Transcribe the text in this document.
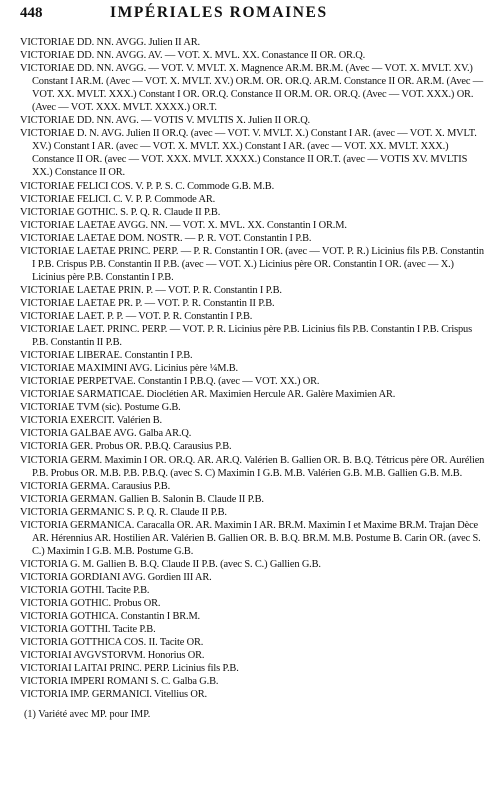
448	IMPÉRIALES ROMAINES
VICTORIAE DD. NN. AVGG. Julien II AR.
VICTORIAE DD. NN. AVGG. AV. — VOT. X. MVL. XX. Conastance II OR. OR.Q.
VICTORIAE DD. NN. AVGG. — VOT. V. MVLT. X. Magnence AR.M. BR.M. (Avec — VOT. X. MVLT. XV.) Constant I AR.M. (Avec — VOT. X. MVLT. XV.) OR.M. OR. OR.Q. AR.M. Constance II OR. AR.M. (Avec — VOT. XX. MVLT. XXX.) Constant I OR. OR.Q. Constance II OR.M. OR. OR.Q. (Avec — VOT. XXX.) OR. (Avec — VOT. XXX. MVLT. XXXX.) OR.T.
VICTORIAE DD. NN. AVG. — VOTIS V. MVLTIS X. Julien II OR.Q.
VICTORIAE D. N. AVG. Julien II OR.Q. (avec — VOT. V. MVLT. X.) Constant I AR. (avec — VOT. X. MVLT. XV.) Constant I AR. (avec — VOT. X. MVLT. XX.) Constant I AR. (avec — VOT. XX. MVLT. XXX.) Constance II OR. (avec — VOT. XXX. MVLT. XXXX.) Constance II OR.T. (avec — VOTIS XV. MVLTIS XX.) Constance II OR.
VICTORIAE FELICI COS. V. P. P. S. C. Commode G.B. M.B.
VICTORIAE FELICI. C. V. P. P. Commode AR.
VICTORIAE GOTHIC. S. P. Q. R. Claude II P.B.
VICTORIAE LAETAE AVGG. NN. — VOT. X. MVL. XX. Constantin I OR.M.
VICTORIAE LAETAE DOM. NOSTR. — P. R. VOT. Constantin I P.B.
VICTORIAE LAETAE PRINC. PERP. — P. R. Constantin I OR. (avec — VOT. P. R.) Licinius fils P.B. Constantin I P.B. Crispus P.B. Constantin II P.B. (avec — VOT. X.) Licinius père OR. Constantin I OR. (avec — X.) Licinius père P.B. Constantin I P.B.
VICTORIAE LAETAE PRIN. P. — VOT. P. R. Constantin I P.B.
VICTORIAE LAETAE PR. P. — VOT. P. R. Constantin II P.B.
VICTORIAE LAET. P. P. — VOT. P. R. Constantin I P.B.
VICTORIAE LAET. PRINC. PERP. — VOT. P. R. Licinius père P.B. Licinius fils P.B. Constantin I P.B. Crispus P.B. Constantin II P.B.
VICTORIAE LIBERAE. Constantin I P.B.
VICTORIAE MAXIMINI AVG. Licinius père ¼M.B.
VICTORIAE PERPETVAE. Constantin I P.B.Q. (avec — VOT. XX.) OR.
VICTORIAE SARMATICAE. Dioclétien AR. Maximien Hercule AR. Galère Maximien AR.
VICTORIAE TVM (sic). Postume G.B.
VICTORIA EXERCIT. Valérien B.
VICTORIA GALBAE AVG. Galba AR.Q.
VICTORIA GER. Probus OR. P.B.Q. Carausius P.B.
VICTORIA GERM. Maximin I OR. OR.Q. AR. AR.Q. Valérien B. Gallien OR. B. B.Q. Tétricus père OR. Aurélien P.B. Probus OR. M.B. P.B. P.B.Q. (avec S. C) Maximin I G.B. M.B. Valérien G.B. M.B. Gallien G.B. M.B.
VICTORIA GERMA. Carausius P.B.
VICTORIA GERMAN. Gallien B. Salonin B. Claude II P.B.
VICTORIA GERMANIC S. P. Q. R. Claude II P.B.
VICTORIA GERMANICA. Caracalla OR. AR. Maximin I AR. BR.M. Maximin I et Maxime BR.M. Trajan Dèce AR. Hérennius AR. Hostilien AR. Valérien B. Gallien OR. B. B.Q. BR.M. M.B. Postume B. Carin OR. (avec S. C.) Maximin I G.B. M.B. Postume G.B.
VICTORIA G. M. Gallien B. B.Q. Claude II P.B. (avec S. C.) Gallien G.B.
VICTORIA GORDIANI AVG. Gordien III AR.
VICTORIA GOTHI. Tacite P.B.
VICTORIA GOTHIC. Probus OR.
VICTORIA GOTHICA. Constantin I BR.M.
VICTORIA GOTTHI. Tacite P.B.
VICTORIA GOTTHICA COS. II. Tacite OR.
VICTORIAI AVGVSTORVM. Honorius OR.
VICTORIAI LAITAI PRINC. PERP. Licinius fils P.B.
VICTORIA IMPERI ROMANI S. C. Galba G.B.
VICTORIA IMP. GERMANICI. Vitellius OR.
(1) Variété avec MP. pour IMP.
